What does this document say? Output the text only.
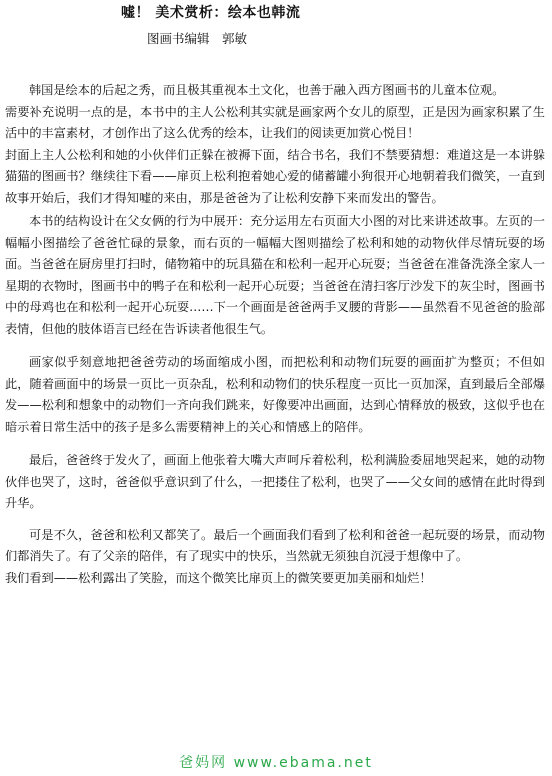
嘘！ 美术赏析：绘本也韩流
图画书编辑　郭敏

韩国是绘本的后起之秀，而且极其重视本土文化，也善于融入西方图画书的儿童本位观。

需要补充说明一点的是，本书中的主人公松利其实就是画家两个女儿的原型，正是因为画家积累了生活中的丰富素材，才创作出了这么优秀的绘本，让我们的阅读更加赏心悦目！

封面上主人公松利和她的小伙伴们正躲在被褥下面，结合书名，我们不禁要猜想：难道这是一本讲躲猫猫的图画书？继续往下看——扉页上松利抱着她心爱的储蓄罐小狗很开心地朝着我们微笑，一直到故事开始后，我们才得知嘘的来由，那是爸爸为了让松利安静下来而发出的警告。

本书的结构设计在父女俩的行为中展开：充分运用左右页面大小图的对比来讲述故事。左页的一幅幅小图描绘了爸爸忙碌的景象，而右页的一幅幅大图则描绘了松利和她的动物伙伴尽情玩耍的场面。当爸爸在厨房里打扫时，储物箱中的玩具猫在和松利一起开心玩耍；当爸爸在准备洗涤全家人一星期的衣物时，图画书中的鸭子在和松利一起开心玩耍；当爸爸在清扫客厅沙发下的灰尘时，图画书中的母鸡也在和松利一起开心玩耍……下一个画面是爸爸两手叉腰的背影——虽然看不见爸爸的脸部表情，但他的肢体语言已经在告诉读者他很生气。

画家似乎刻意地把爸爸劳动的场面缩成小图，而把松利和动物们玩耍的画面扩为整页；不但如此，随着画面中的场景一页比一页杂乱，松利和动物们的快乐程度一页比一页加深，直到最后全部爆发——松利和想象中的动物们一齐向我们跳来，好像要冲出画面，达到心情释放的极致，这似乎也在暗示着日常生活中的孩子是多么需要精神上的关心和情感上的陪伴。

最后，爸爸终于发火了，画面上他张着大嘴大声呵斥着松利，松利满脸委屈地哭起来，她的动物伙伴也哭了，这时，爸爸似乎意识到了什么，一把搂住了松利，也哭了——父女间的感情在此时得到升华。

可是不久，爸爸和松利又都笑了。最后一个画面我们看到了松利和爸爸一起玩耍的场景，而动物们都消失了。有了父亲的陪伴，有了现实中的快乐，当然就无须独自沉浸于想像中了。

我们看到——松利露出了笑脸，而这个微笑比扉页上的微笑要更加美丽和灿烂！

爸妈网 www.ebama.net
